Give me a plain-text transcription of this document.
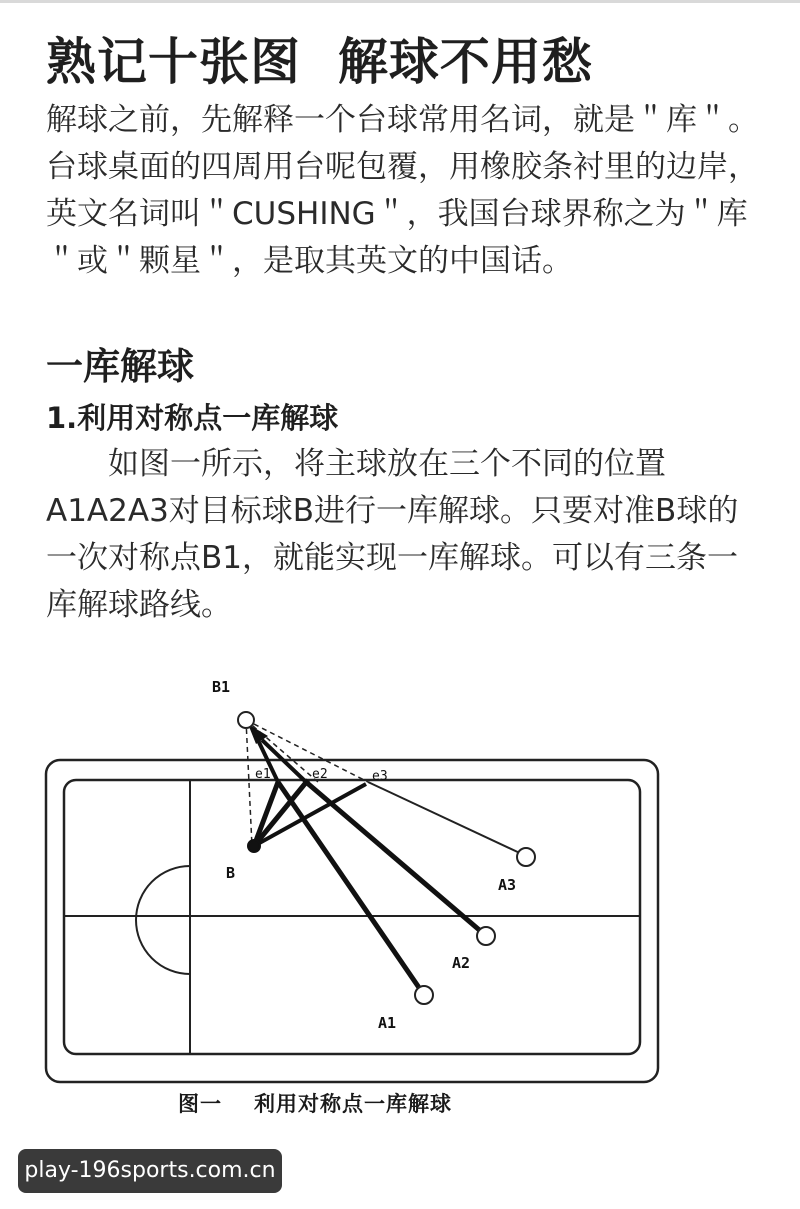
熟记十张图  解球不用愁
解球之前，先解释一个台球常用名词，就是＂库＂。台球桌面的四周用台呢包覆，用橡胶条衬里的边岸，英文名词叫＂CUSHING＂，我国台球界称之为＂库＂或＂颗星＂，是取其英文的中国话。
一库解球
1.利用对称点一库解球
如图一所示，将主球放在三个不同的位置A1A2A3对目标球B进行一库解球。只要对准B球的一次对称点B1，就能实现一库解球。可以有三条一库解球路线。
B1
B
e1	e2	e3
A3
A2
A1
图一 利用对称点一库解球
play-196sports.com.cn
